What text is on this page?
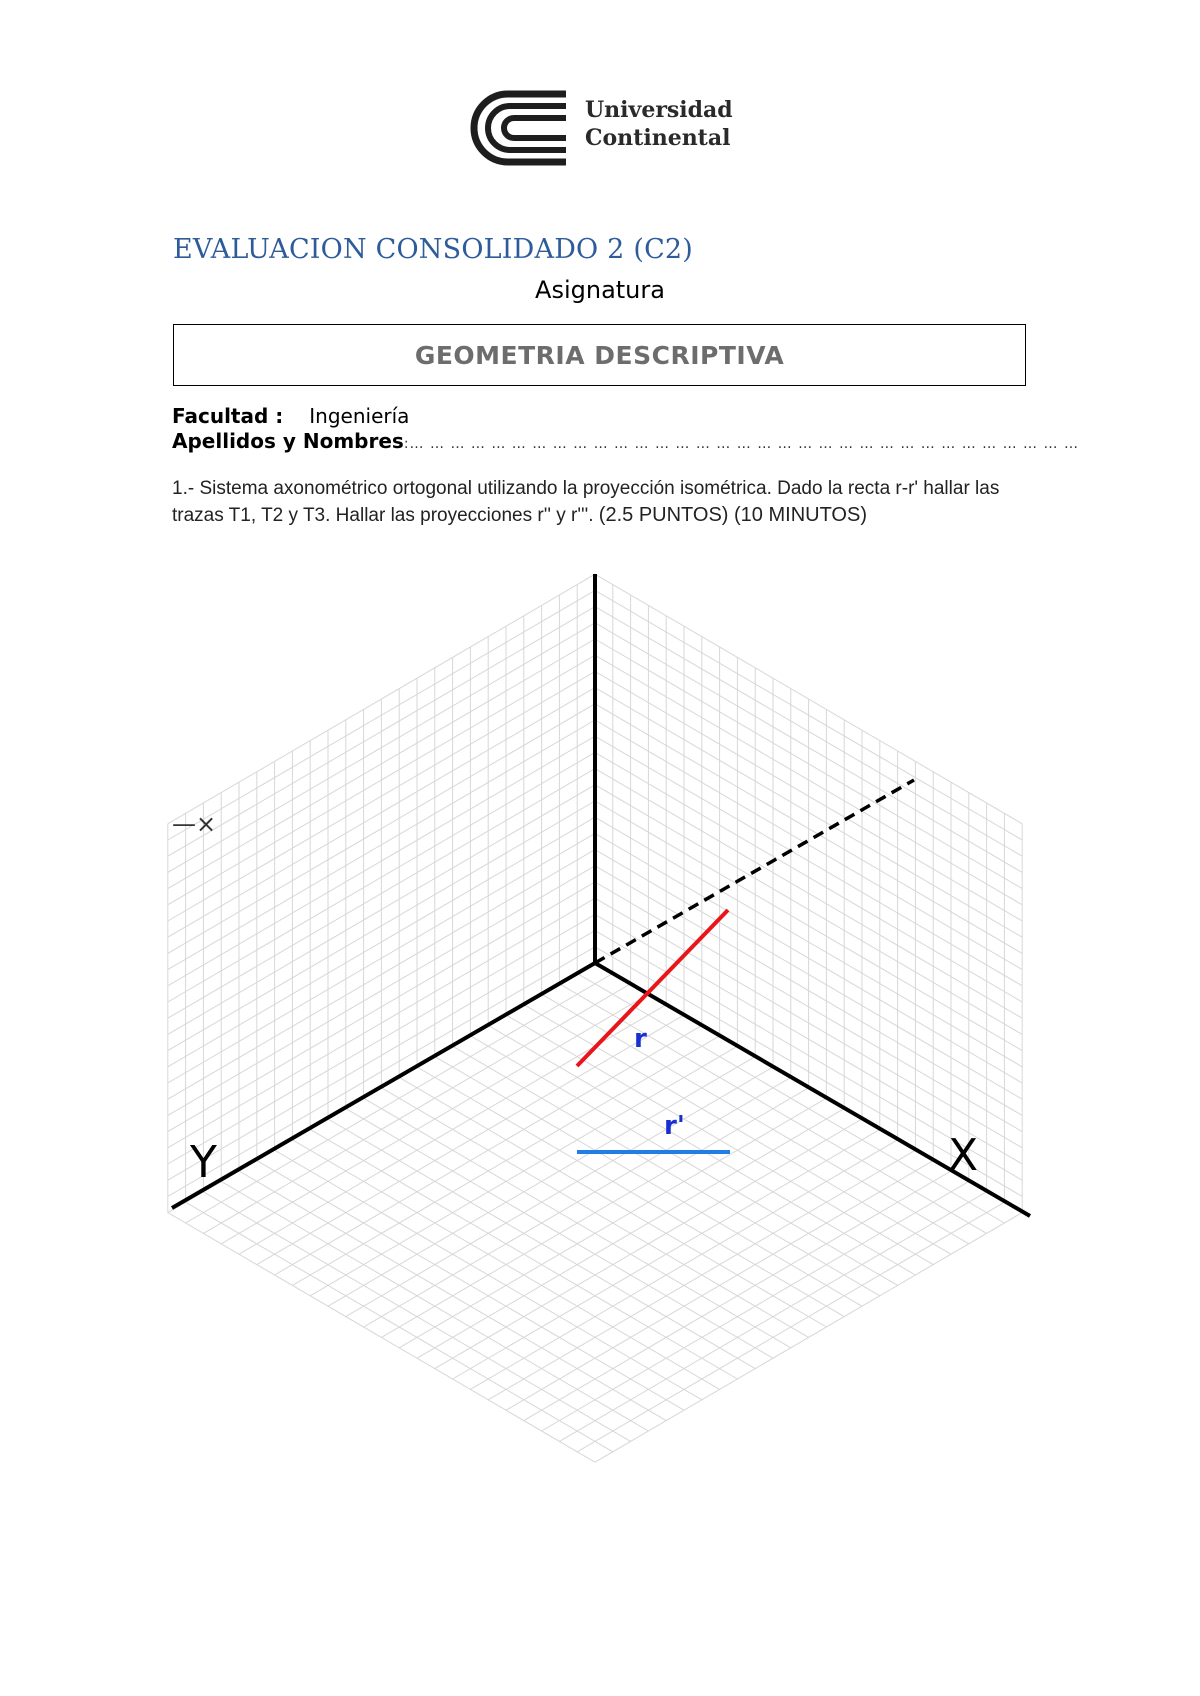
Universidad
Continental
EVALUACION CONSOLIDADO 2 (C2)
Asignatura
GEOMETRIA DESCRIPTIVA
Facultad : Ingeniería
Apellidos y Nombres:… … … … … … … … … … … … … … … … … … … … … … … … … … … … … … … … …
1.- Sistema axonométrico ortogonal utilizando la proyección isométrica. Dado la recta r-r' hallar las trazas T1, T2 y T3. Hallar las proyecciones r'' y r'''. (2.5 PUNTOS) (10 MINUTOS)
r
r'
Y	X
—×
